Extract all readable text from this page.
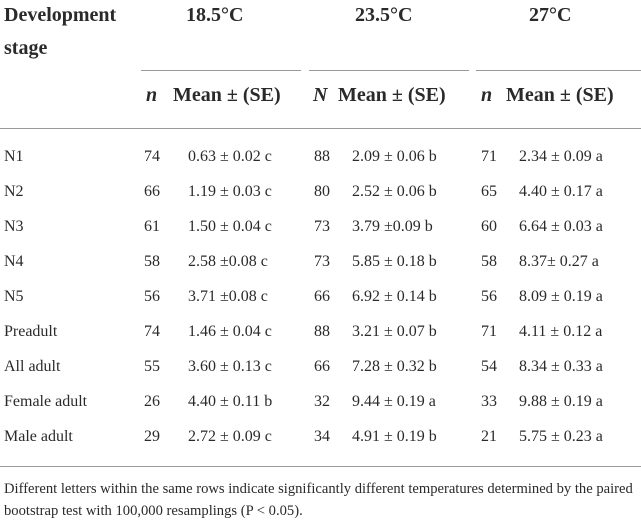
Development
stage
18.5°C	23.5°C	27°C
n Mean ± (SE) N Mean ± (SE) n Mean ± (SE)
N1	74 0.63 ± 0.02 c	88 2.09 ± 0.06 b	71 2.34 ± 0.09 a
N2	66 1.19 ± 0.03 c	80 2.52 ± 0.06 b	65 4.40 ± 0.17 a
N3	61 1.50 ± 0.04 c	73 3.79 ±0.09 b	60 6.64 ± 0.03 a
N4	58 2.58 ±0.08 c	73 5.85 ± 0.18 b	58 8.37± 0.27 a
N5	56 3.71 ±0.08 c	66 6.92 ± 0.14 b	56 8.09 ± 0.19 a
Preadult	74 1.46 ± 0.04 c	88 3.21 ± 0.07 b	71 4.11 ± 0.12 a
All adult	55 3.60 ± 0.13 c	66 7.28 ± 0.32 b	54 8.34 ± 0.33 a
Female adult	26 4.40 ± 0.11 b	32 9.44 ± 0.19 a	33 9.88 ± 0.19 a
Male adult	29 2.72 ± 0.09 c	34 4.91 ± 0.19 b	21 5.75 ± 0.23 a
Different letters within the same rows indicate significantly different temperatures determined by the paired bootstrap test with 100,000 resamplings (P < 0.05).
